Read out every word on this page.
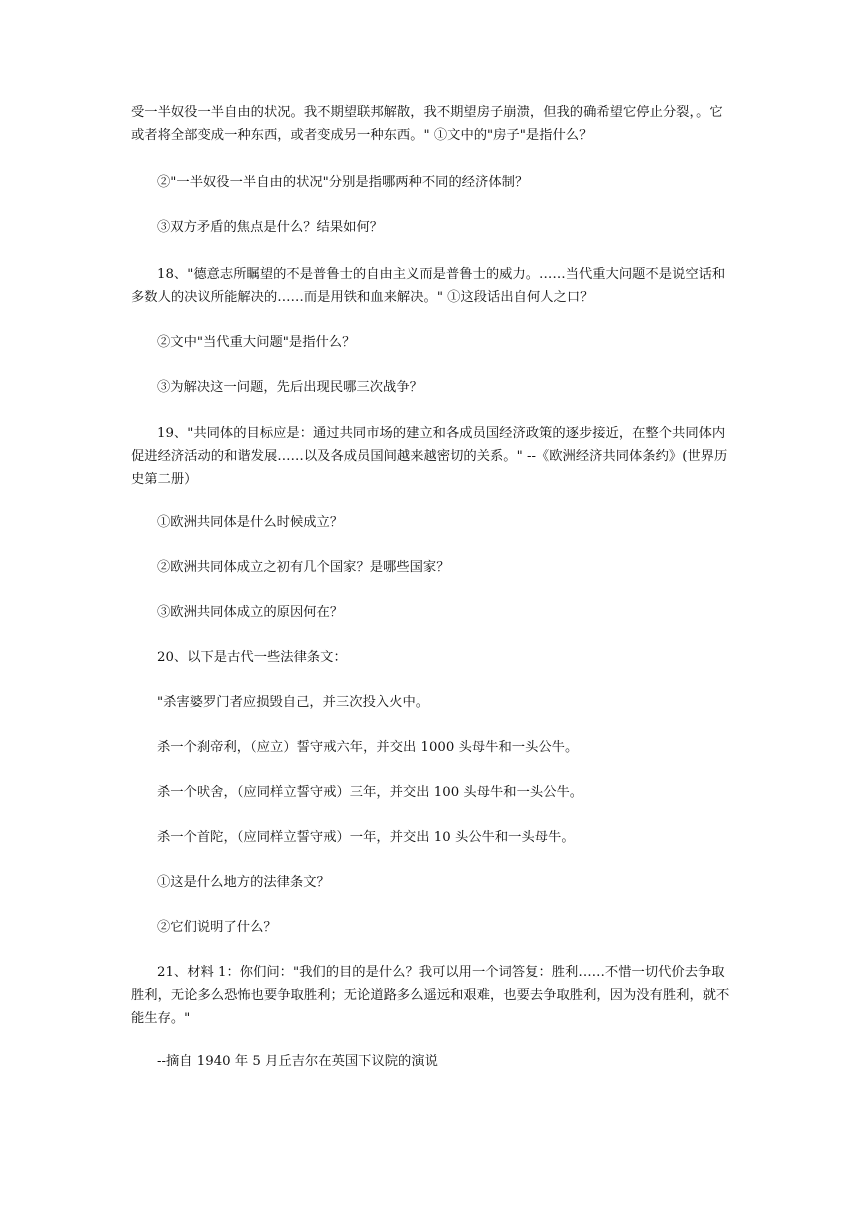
受一半奴役一半自由的状况。我不期望联邦解散，我不期望房子崩溃，但我的确希望它停止分裂，。它或者将全部变成一种东西，或者变成另一种东西。" ①文中的"房子"是指什么？

②"一半奴役一半自由的状况"分别是指哪两种不同的经济体制？

③双方矛盾的焦点是什么？结果如何？

18、"德意志所瞩望的不是普鲁士的自由主义而是普鲁士的威力。……当代重大问题不是说空话和多数人的决议所能解决的……而是用铁和血来解决。" ①这段话出自何人之口？

②文中"当代重大问题"是指什么？

③为解决这一问题，先后出现民哪三次战争？

19、"共同体的目标应是：通过共同市场的建立和各成员国经济政策的逐步接近，在整个共同体内促进经济活动的和谐发展……以及各成员国间越来越密切的关系。" --《欧洲经济共同体条约》(世界历史第二册）

①欧洲共同体是什么时候成立？

②欧洲共同体成立之初有几个国家？是哪些国家？

③欧洲共同体成立的原因何在？

20、以下是古代一些法律条文：

"杀害婆罗门者应损毁自己，并三次投入火中。

杀一个刹帝利，（应立）誓守戒六年，并交出 1000 头母牛和一头公牛。

杀一个吠舍，（应同样立誓守戒）三年，并交出 100 头母牛和一头公牛。

杀一个首陀，（应同样立誓守戒）一年，并交出 10 头公牛和一头母牛。

①这是什么地方的法律条文？

②它们说明了什么？

21、材料 1：你们问："我们的目的是什么？我可以用一个词答复：胜利……不惜一切代价去争取胜利，无论多么恐怖也要争取胜利；无论道路多么遥远和艰难，也要去争取胜利，因为没有胜利，就不能生存。"

--摘自 1940 年 5 月丘吉尔在英国下议院的演说
